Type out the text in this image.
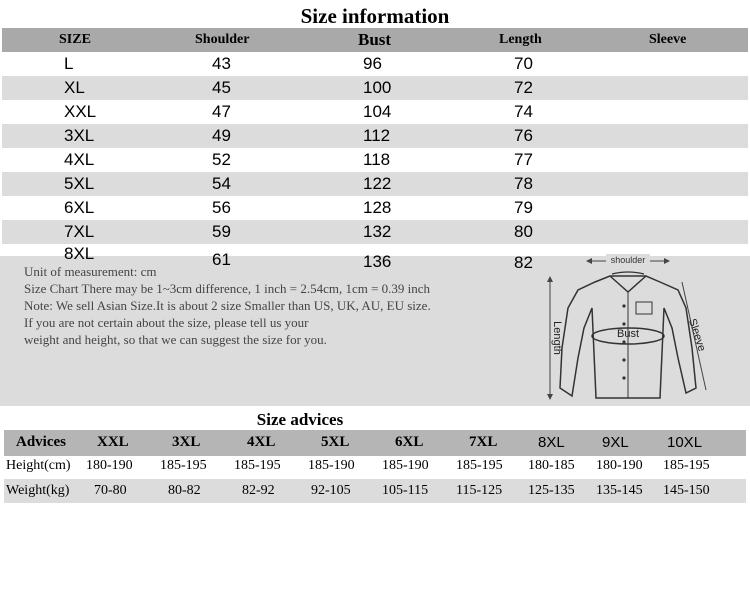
Size information
SIZE	Shoulder	Bust	Length	Sleeve
L	43	96	70
XL	45	100	72
XXL	47	104	74
3XL	49	112	76
4XL	52	118	77
5XL	54	122	78
6XL	56	128	79
7XL	59	132	80
8XL	61	136	82
Unit of measurement: cm
Size Chart There may be 1~3cm difference, 1 inch = 2.54cm, 1cm = 0.39 inch
Note: We sell Asian Size.It is about 2 size Smaller than US, UK, AU, EU size.
If you are not certain about the size, please tell us your
weight and height, so that we can suggest the size for you.
shoulder
Bust
Length	Sleeve
Size advices
Advices XXL	3XL	4XL	5XL	6XL	7XL	8XL 9XL	10XL
Height(cm) 180-190 185-195 185-195 185-190 185-190 185-195 180-185 180-190 185-195
Weight(kg) 70-80	80-82	82-92	92-105 105-115 115-125 125-135 135-145 145-150
